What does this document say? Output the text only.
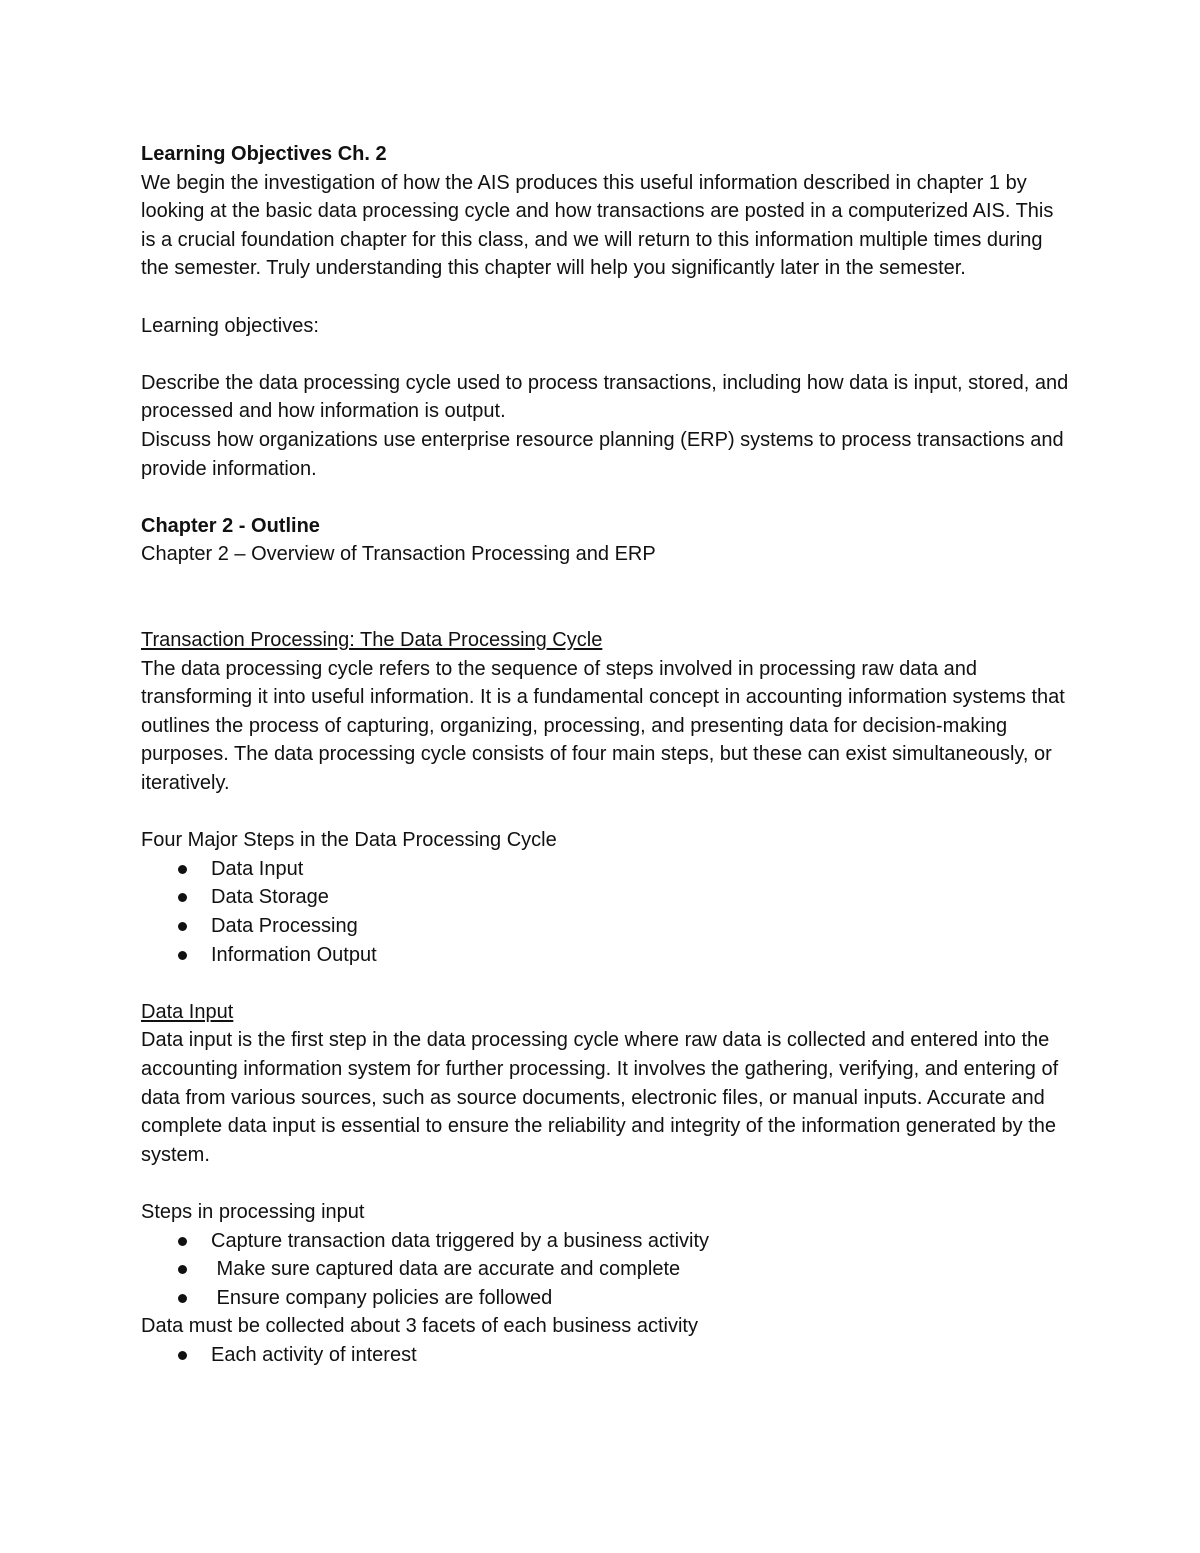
Learning Objectives Ch. 2

We begin the investigation of how the AIS produces this useful information described in chapter 1 by looking at the basic data processing cycle and how transactions are posted in a computerized AIS. This is a crucial foundation chapter for this class, and we will return to this information multiple times during the semester. Truly understanding this chapter will help you significantly later in the semester.

Learning objectives:

Describe the data processing cycle used to process transactions, including how data is input, stored, and processed and how information is output.

Discuss how organizations use enterprise resource planning (ERP) systems to process transactions and provide information.

Chapter 2 - Outline

Chapter 2 – Overview of Transaction Processing and ERP

Transaction Processing: The Data Processing Cycle

The data processing cycle refers to the sequence of steps involved in processing raw data and transforming it into useful information. It is a fundamental concept in accounting information systems that outlines the process of capturing, organizing, processing, and presenting data for decision-making purposes. The data processing cycle consists of four main steps, but these can exist simultaneously, or iteratively.

Four Major Steps in the Data Processing Cycle

Data Input
Data Storage
Data Processing
Information Output

Data Input

Data input is the first step in the data processing cycle where raw data is collected and entered into the accounting information system for further processing. It involves the gathering, verifying, and entering of data from various sources, such as source documents, electronic files, or manual inputs. Accurate and complete data input is essential to ensure the reliability and integrity of the information generated by the system.

Steps in processing input

Capture transaction data triggered by a business activity
Make sure captured data are accurate and complete
Ensure company policies are followed

Data must be collected about 3 facets of each business activity

Each activity of interest
